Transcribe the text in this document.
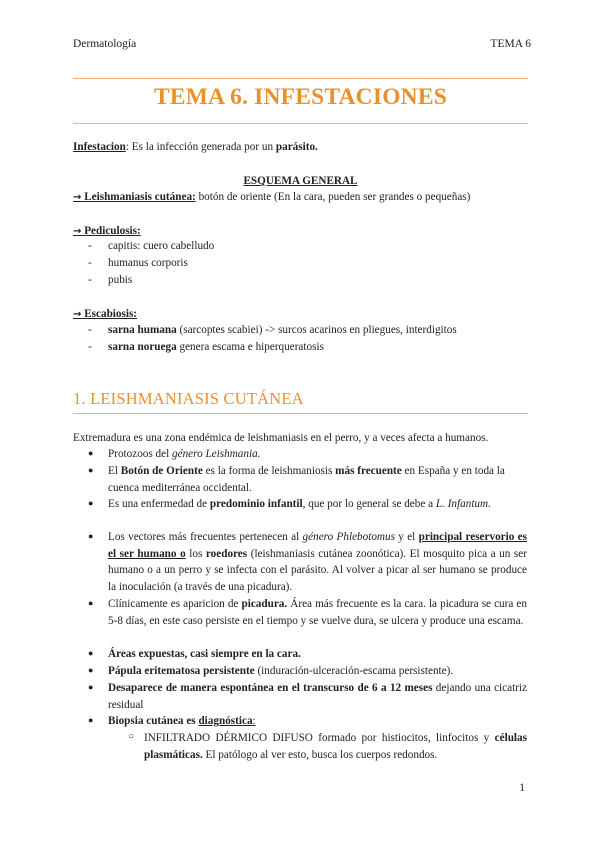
Dermatología	TEMA 6
TEMA 6. INFESTACIONES
Infestacion: Es la infección generada por un parásito.
ESQUEMA GENERAL
→ Leishmaniasis cutánea: botón de oriente (En la cara, pueden ser grandes o pequeñas)
→ Pediculosis:
- capitis: cuero cabelludo
- humanus corporis
- pubis
→ Escabiosis:
- sarna humana (sarcoptes scabiei) -> surcos acarinos en pliegues, interdigitos
- sarna noruega genera escama e hiperqueratosis
1. LEISHMANIASIS CUTÁNEA
Extremadura es una zona endémica de leishmaniasis en el perro, y a veces afecta a humanos.
● Protozoos del género Leishmania.
● El Botón de Oriente es la forma de leishmaniosis más frecuente en España y en toda la cuenca mediterránea occidental.
● Es una enfermedad de predominio infantil, que por lo general se debe a L. Infantum.
● Los vectores más frecuentes pertenecen al género Phlebotomus y el principal reservorio es el ser humano o los roedores (leishmaniasis cutánea zoonótica). El mosquito pica a un ser humano o a un perro y se infecta con el parásito. Al volver a picar al ser humano se produce la inoculación (a través de una picadura).
● Clínicamente es aparicion de picadura. Área más frecuente es la cara. la picadura se cura en 5-8 días, en este caso persiste en el tiempo y se vuelve dura, se ulcera y produce una escama.
● Áreas expuestas, casi siempre en la cara.
● Pápula eritematosa persistente (induración-ulceración-escama persistente).
● Desaparece de manera espontánea en el transcurso de 6 a 12 meses dejando una cicatriz residual
● Biopsia cutánea es diagnóstica:
○ INFILTRADO DÉRMICO DIFUSO formado por histiocitos, linfocitos y células plasmáticas. El patólogo al ver esto, busca los cuerpos redondos.
1
